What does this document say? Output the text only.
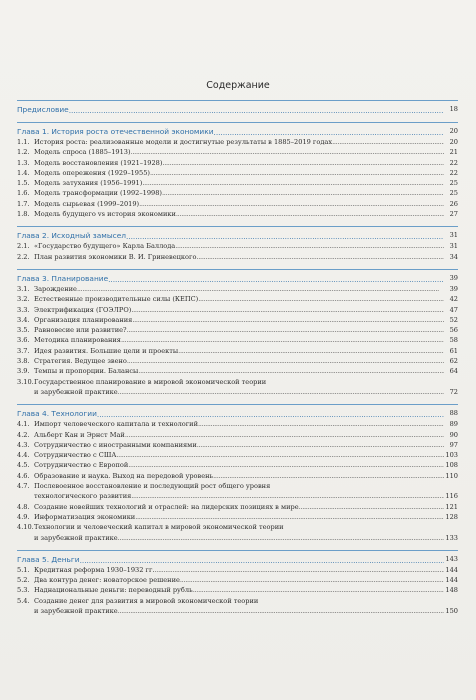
Содержание
Предисловие . . .	18
Глава 1. История роста отечественной экономики . . .	20
1.1. История роста: реализованные модели и достигнутые результаты в 1885–2019 годах . . .	20
1.2. Модель спроса (1885–1913) . . .	21
1.3. Модель восстановления (1921–1928) . . .	22
1.4. Модель опережения (1929–1955) . . .	22
1.5. Модель затухания (1956–1991) . . .	25
1.6. Модель трансформации (1992–1998) . . .	25
1.7. Модель сырьевая (1999–2019) . . .	26
1.8. Модель будущего vs история экономики . . .	27
Глава 2. Исходный замысел . . .	31
2.1. «Государство будущего» Карла Баллода . . .	31
2.2. План развития экономики В. И. Гриневецкого . . .	34
Глава 3. Планирование . . .	39
3.1. Зарождение . . .	39
3.2. Естественные производительные силы (КЕПС) . . .	42
3.3. Электрификация (ГОЭЛРО) . . .	47
3.4. Организация планирования . . .	52
3.5. Равновесие или развитие? . . .	56
3.6. Методика планирования . . .	58
3.7. Идея развития. Большие цели и проекты . . .	61
3.8. Стратегия. Ведущее звено . . .	62
3.9. Темпы и пропорции. Балансы . . .	64
3.10.Государственное планирование в мировой экономической теории
и зарубежной практике . . .	72
Глава 4. Технологии . . .	88
4.1. Импорт человеческого капитала и технологий . . .	89
4.2. Альберт Кан и Эрнст Май . . .	90
4.3. Сотрудничество с иностранными компаниями . . .	97
4.4. Сотрудничество с США . . .	103
4.5. Сотрудничество с Европой . . .	108
4.6. Образование и наука. Выход на передовой уровень . . .	110
4.7. Послевоенное восстановление и последующий рост общего уровня
технологического развития . . .	116
4.8. Создание новейших технологий и отраслей: на лидерских позициях в мире . . .	121
4.9. Информатизация экономики . . .	128
4.10.Технологии и человеческий капитал в мировой экономической теории
и зарубежной практике . . .	133
Глава 5. Деньги . . .	143
5.1. Кредитная реформа 1930–1932 гг. . . .	144
5.2. Два контура денег: новаторское решение . . .	144
5.3. Наднациональные деньги: переводный рубль . . .	148
5.4. Создание денег для развития в мировой экономической теории
и зарубежной практике . . .	150
